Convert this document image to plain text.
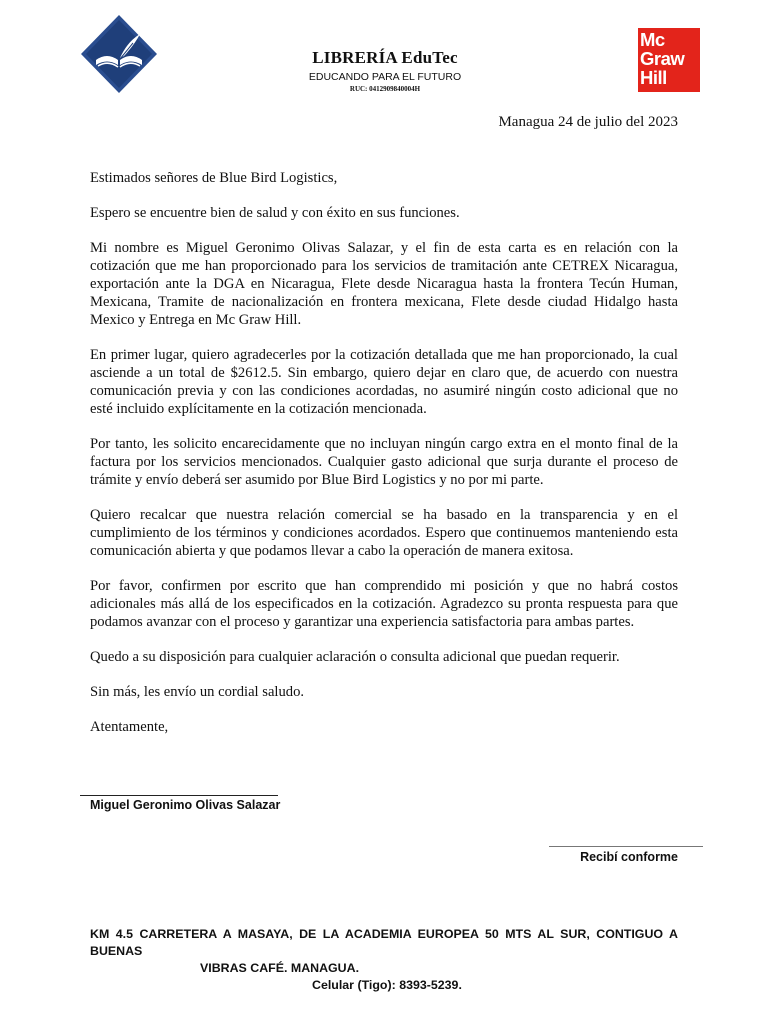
LIBRERÍA EduTec
EDUCANDO PARA EL FUTURO
RUC: 0412909840004H
Mc
Graw
Hill
Managua 24 de julio del 2023

Estimados señores de Blue Bird Logistics,

Espero se encuentre bien de salud y con éxito en sus funciones.

Mi nombre es Miguel Geronimo Olivas Salazar, y el fin de esta carta es en relación con la cotización que me han proporcionado para los servicios de tramitación ante CETREX Nicaragua, exportación ante la DGA en Nicaragua, Flete desde Nicaragua hasta la frontera Tecún Human, Mexicana, Tramite de nacionalización en frontera mexicana, Flete desde ciudad Hidalgo hasta Mexico y Entrega en Mc Graw Hill.

En primer lugar, quiero agradecerles por la cotización detallada que me han proporcionado, la cual asciende a un total de $2612.5. Sin embargo, quiero dejar en claro que, de acuerdo con nuestra comunicación previa y con las condiciones acordadas, no asumiré ningún costo adicional que no esté incluido explícitamente en la cotización mencionada.

Por tanto, les solicito encarecidamente que no incluyan ningún cargo extra en el monto final de la factura por los servicios mencionados. Cualquier gasto adicional que surja durante el proceso de trámite y envío deberá ser asumido por Blue Bird Logistics y no por mi parte.

Quiero recalcar que nuestra relación comercial se ha basado en la transparencia y en el cumplimiento de los términos y condiciones acordados. Espero que continuemos manteniendo esta comunicación abierta y que podamos llevar a cabo la operación de manera exitosa.

Por favor, confirmen por escrito que han comprendido mi posición y que no habrá costos adicionales más allá de los especificados en la cotización. Agradezco su pronta respuesta para que podamos avanzar con el proceso y garantizar una experiencia satisfactoria para ambas partes.

Quedo a su disposición para cualquier aclaración o consulta adicional que puedan requerir.

Sin más, les envío un cordial saludo.

Atentamente,

Miguel Geronimo Olivas Salazar
Recibí conforme
KM 4.5 CARRETERA A MASAYA, DE LA ACADEMIA EUROPEA 50 MTS AL SUR, CONTIGUO A BUENAS
VIBRAS CAFÉ. MANAGUA.
Celular (Tigo): 8393-5239.
